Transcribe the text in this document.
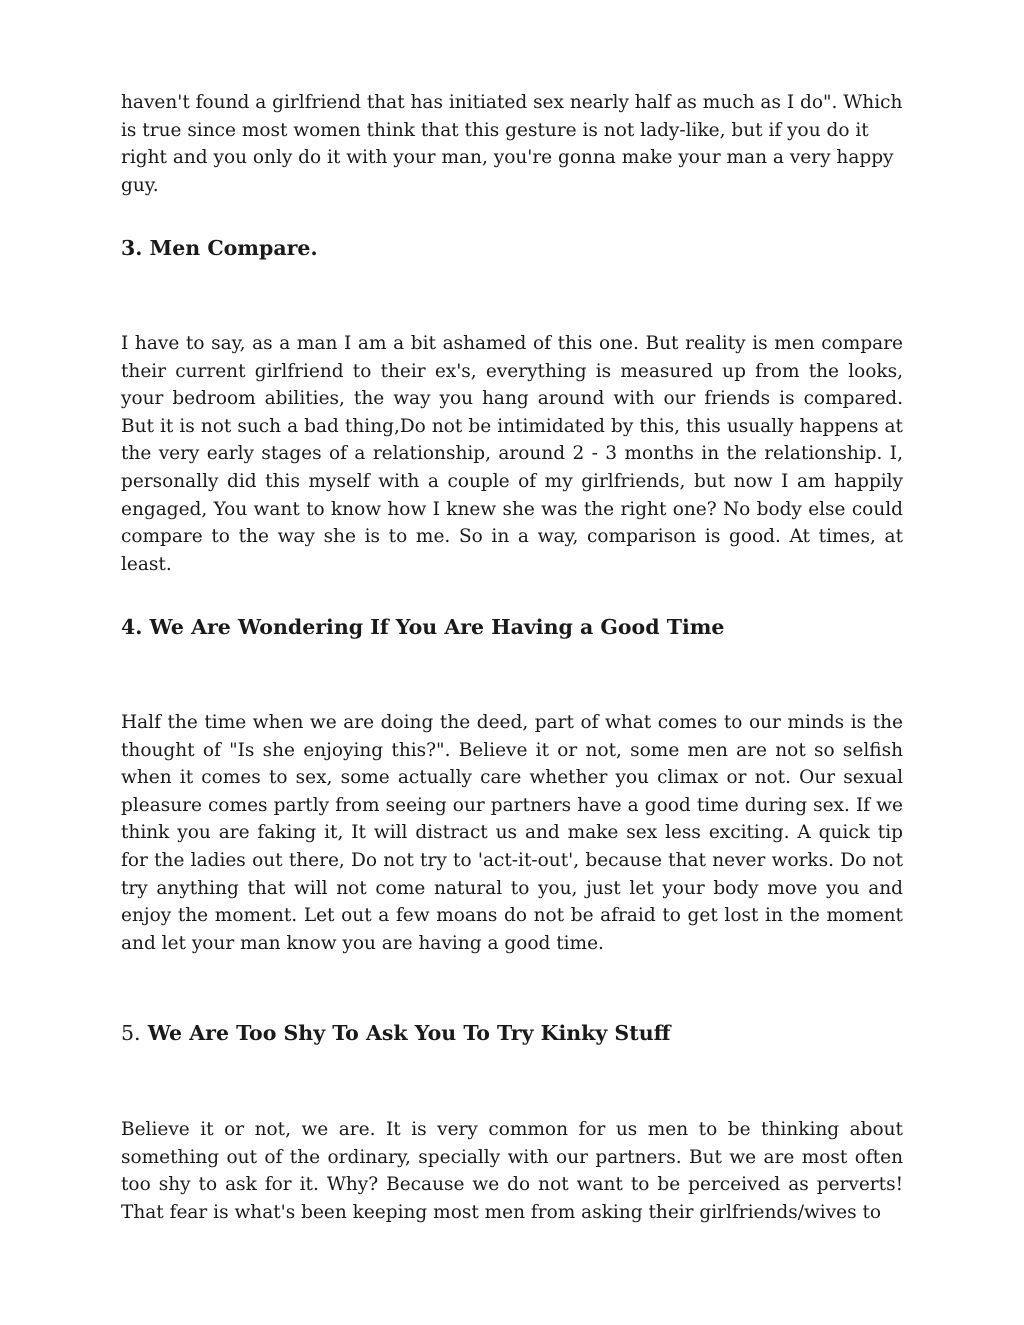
haven't found a girlfriend that has initiated sex nearly half as much as I do". Which is true since most women think that this gesture is not lady-like, but if you do it right and you only do it with your man, you're gonna make your man a very happy guy.

3. Men Compare.

I have to say, as a man I am a bit ashamed of this one. But reality is men compare their current girlfriend to their ex's, everything is measured up from the looks, your bedroom abilities, the way you hang around with our friends is compared. But it is not such a bad thing,Do not be intimidated by this, this usually happens at the very early stages of a relationship, around 2 - 3 months in the relationship. I, personally did this myself with a couple of my girlfriends, but now I am happily engaged, You want to know how I knew she was the right one? No body else could compare to the way she is to me. So in a way, comparison is good. At times, at least.

4. We Are Wondering If You Are Having a Good Time

Half the time when we are doing the deed, part of what comes to our minds is the thought of "Is she enjoying this?". Believe it or not, some men are not so selfish when it comes to sex, some actually care whether you climax or not. Our sexual pleasure comes partly from seeing our partners have a good time during sex. If we think you are faking it, It will distract us and make sex less exciting. A quick tip for the ladies out there, Do not try to 'act-it-out', because that never works. Do not try anything that will not come natural to you, just let your body move you and enjoy the moment. Let out a few moans do not be afraid to get lost in the moment and let your man know you are having a good time.

5. We Are Too Shy To Ask You To Try Kinky Stuff

Believe it or not, we are. It is very common for us men to be thinking about something out of the ordinary, specially with our partners. But we are most often too shy to ask for it. Why? Because we do not want to be perceived as perverts! That fear is what's been keeping most men from asking their girlfriends/wives to
